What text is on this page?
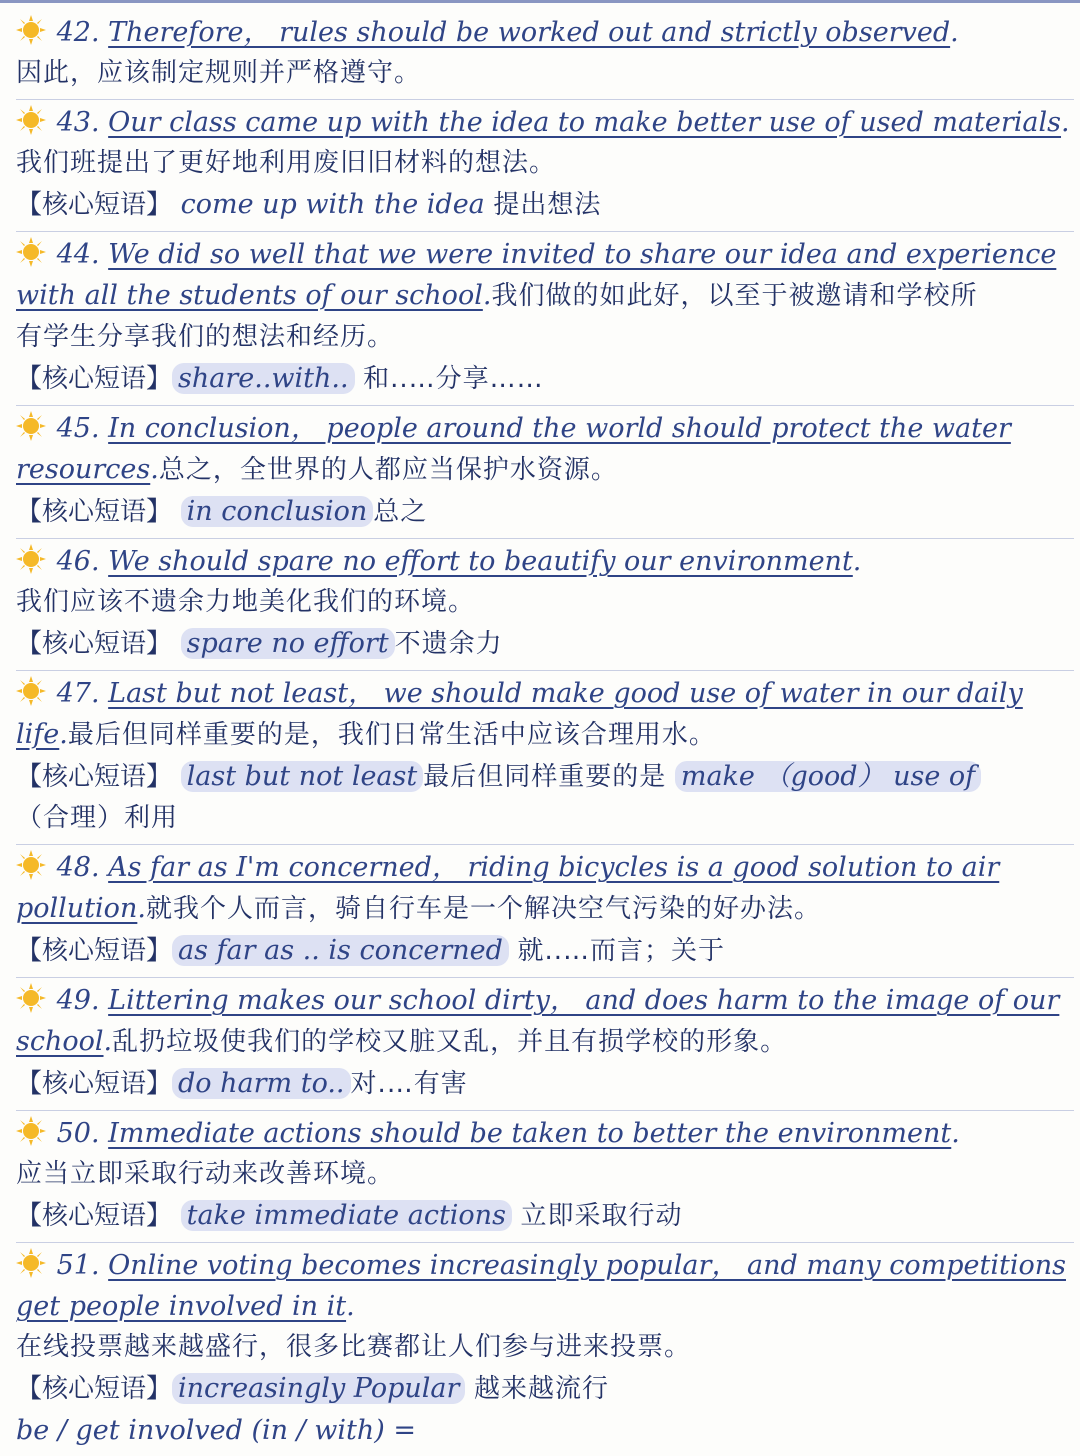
42. Therefore， rules should be worked out and strictly observed.
因此，应该制定规则并严格遵守。
43. Our class came up with the idea to make better use of used materials.
我们班提出了更好地利用废旧旧材料的想法。
【核心短语】 come up with the idea 提出想法
44. We did so well that we were invited to share our idea and experience
with all the students of our school.我们做的如此好，以至于被邀请和学校所
有学生分享我们的想法和经历。
【核心短语】 share..with.. 和..…分享……
45. In conclusion， people around the world should protect the water
resources.总之，全世界的人都应当保护水资源。
【核心短语】 in conclusion 总之
46. We should spare no effort to beautify our environment.
我们应该不遗余力地美化我们的环境。
【核心短语】 spare no effort 不遗余力
47. Last but not least， we should make good use of water in our daily
life.最后但同样重要的是，我们日常生活中应该合理用水。
【核心短语】 last but not least 最后但同样重要的是 make （good） use of
（合理）利用
48. As far as I'm concerned， riding bicycles is a good solution to air
pollution.就我个人而言，骑自行车是一个解决空气污染的好办法。
【核心短语】 as far as .. is concerned 就..…而言；关于
49. Littering makes our school dirty， and does harm to the image of our
school.乱扔垃圾使我们的学校又脏又乱，并且有损学校的形象。
【核心短语】 do harm to.. 对.…有害
50. Immediate actions should be taken to better the environment.
应当立即采取行动来改善环境。
【核心短语】 take immediate actions 立即采取行动
51. Online voting becomes increasingly popular， and many competitions
get people involved in it.
在线投票越来越盛行，很多比赛都让人们参与进来投票。
【核心短语】 increasingly Popular 越来越流行
be / get involved (in / with) =
